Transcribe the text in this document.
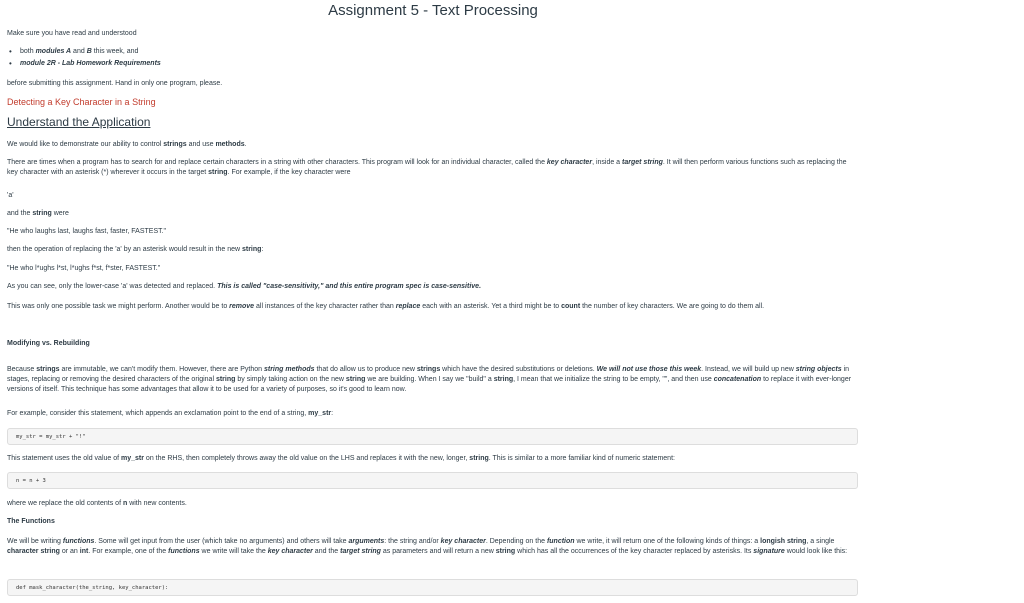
Assignment 5 - Text Processing
Make sure you have read and understood
• both modules A and B this week, and
• module 2R - Lab Homework Requirements
before submitting this assignment. Hand in only one program, please.
Detecting a Key Character in a String
Understand the Application
We would like to demonstrate our ability to control strings and use methods.
There are times when a program has to search for and replace certain characters in a string with other characters. This program will look for an individual character, called the key character, inside a target string. It will then perform various functions such as replacing the key character with an asterisk (*) wherever it occurs in the target string. For example, if the key character were
'a'
and the string were
"He who laughs last, laughs fast, faster, FASTEST."
then the operation of replacing the 'a' by an asterisk would result in the new string:
"He who l*ughs l*st, l*ughs f*st, f*ster, FASTEST."
As you can see, only the lower-case 'a' was detected and replaced. This is called "case-sensitivity," and this entire program spec is case-sensitive.
This was only one possible task we might perform. Another would be to remove all instances of the key character rather than replace each with an asterisk. Yet a third might be to count the number of key characters. We are going to do them all.
Modifying vs. Rebuilding
Because strings are immutable, we can't modify them. However, there are Python string methods that do allow us to produce new strings which have the desired substitutions or deletions. We will not use those this week. Instead, we will build up new string objects in stages, replacing or removing the desired characters of the original string by simply taking action on the new string we are building. When I say we "build" a string, I mean that we initialize the string to be empty, "", and then use concatenation to replace it with ever-longer versions of itself. This technique has some advantages that allow it to be used for a variety of purposes, so it's good to learn now.
For example, consider this statement, which appends an exclamation point to the end of a string, my_str:
my_str = my_str + "!"
This statement uses the old value of my_str on the RHS, then completely throws away the old value on the LHS and replaces it with the new, longer, string. This is similar to a more familiar kind of numeric statement:
n = n + 3
where we replace the old contents of n with new contents.
The Functions
We will be writing functions. Some will get input from the user (which take no arguments) and others will take arguments: the string and/or key character. Depending on the function we write, it will return one of the following kinds of things: a longish string, a single character string or an int. For example, one of the functions we write will take the key character and the target string as parameters and will return a new string which has all the occurrences of the key character replaced by asterisks. Its signature would look like this:
def mask_character(the_string, key_character):
